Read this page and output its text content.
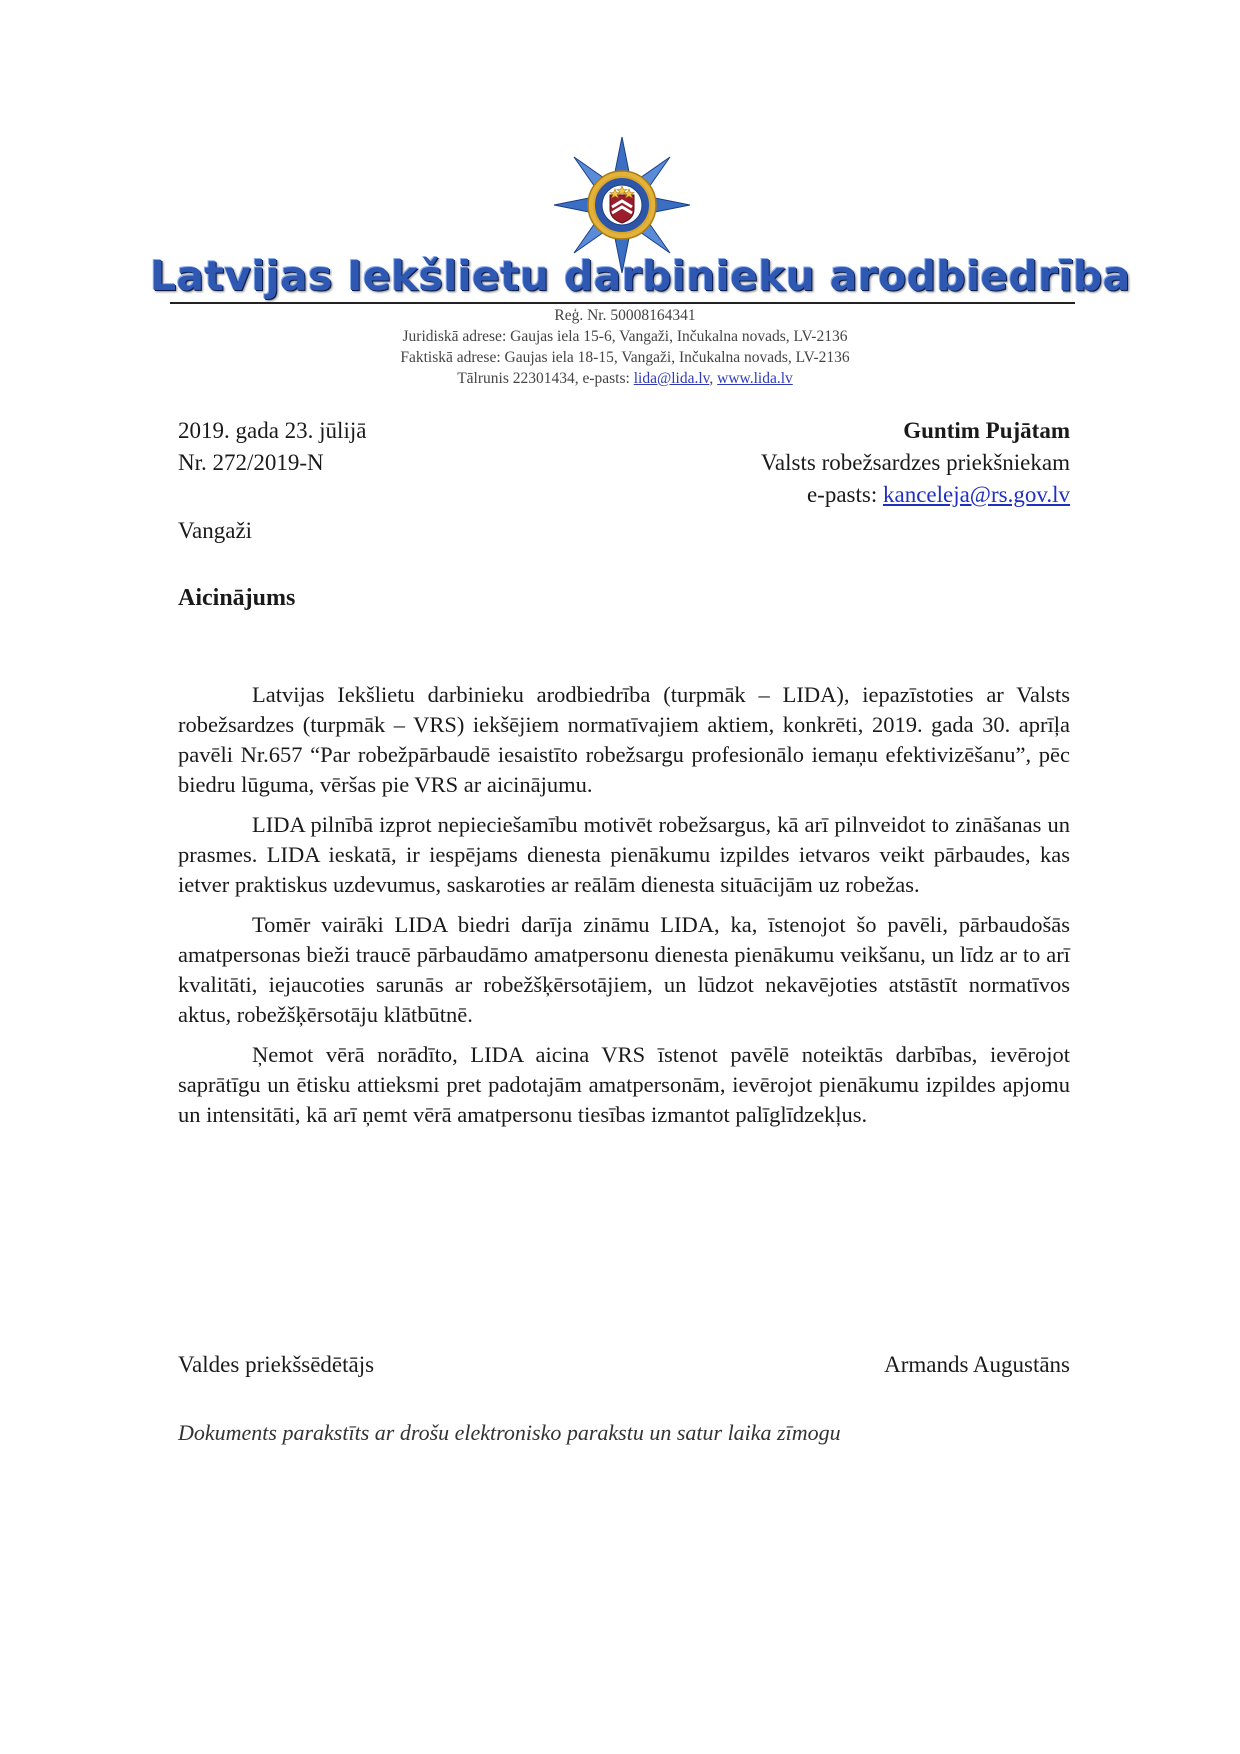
Latvijas Iekšlietu darbinieku arodbiedrība
Reģ. Nr. 50008164341
Juridiskā adrese: Gaujas iela 15-6, Vangaži, Inčukalna novads, LV-2136
Faktiskā adrese: Gaujas iela 18-15, Vangaži, Inčukalna novads, LV-2136
Tālrunis 22301434, e-pasts: lida@lida.lv, www.lida.lv
2019. gada 23. jūlijā
Nr. 272/2019-N
Guntim Pujātam
Valsts robežsardzes priekšniekam
e-pasts: kanceleja@rs.gov.lv
Vangaži
Aicinājums

Latvijas Iekšlietu darbinieku arodbiedrība (turpmāk – LIDA), iepazīstoties ar Valsts robežsardzes (turpmāk – VRS) iekšējiem normatīvajiem aktiem, konkrēti, 2019. gada 30. aprīļa pavēli Nr.657 “Par robežpārbaudē iesaistīto robežsargu profesionālo iemaņu efektivizēšanu”, pēc biedru lūguma, vēršas pie VRS ar aicinājumu.

LIDA pilnībā izprot nepieciešamību motivēt robežsargus, kā arī pilnveidot to zināšanas un prasmes. LIDA ieskatā, ir iespējams dienesta pienākumu izpildes ietvaros veikt pārbaudes, kas ietver praktiskus uzdevumus, saskaroties ar reālām dienesta situācijām uz robežas.

Tomēr vairāki LIDA biedri darīja zināmu LIDA, ka, īstenojot šo pavēli, pārbaudošās amatpersonas bieži traucē pārbaudāmo amatpersonu dienesta pienākumu veikšanu, un līdz ar to arī kvalitāti, iejaucoties sarunās ar robežšķērsotājiem, un lūdzot nekavējoties atstāstīt normatīvos aktus, robežšķērsotāju klātbūtnē.

Ņemot vērā norādīto, LIDA aicina VRS īstenot pavēlē noteiktās darbības, ievērojot saprātīgu un ētisku attieksmi pret padotajām amatpersonām, ievērojot pienākumu izpildes apjomu un intensitāti, kā arī ņemt vērā amatpersonu tiesības izmantot palīglīdzekļus.

Valdes priekšsēdētājs	Armands Augustāns
Dokuments parakstīts ar drošu elektronisko parakstu un satur laika zīmogu
